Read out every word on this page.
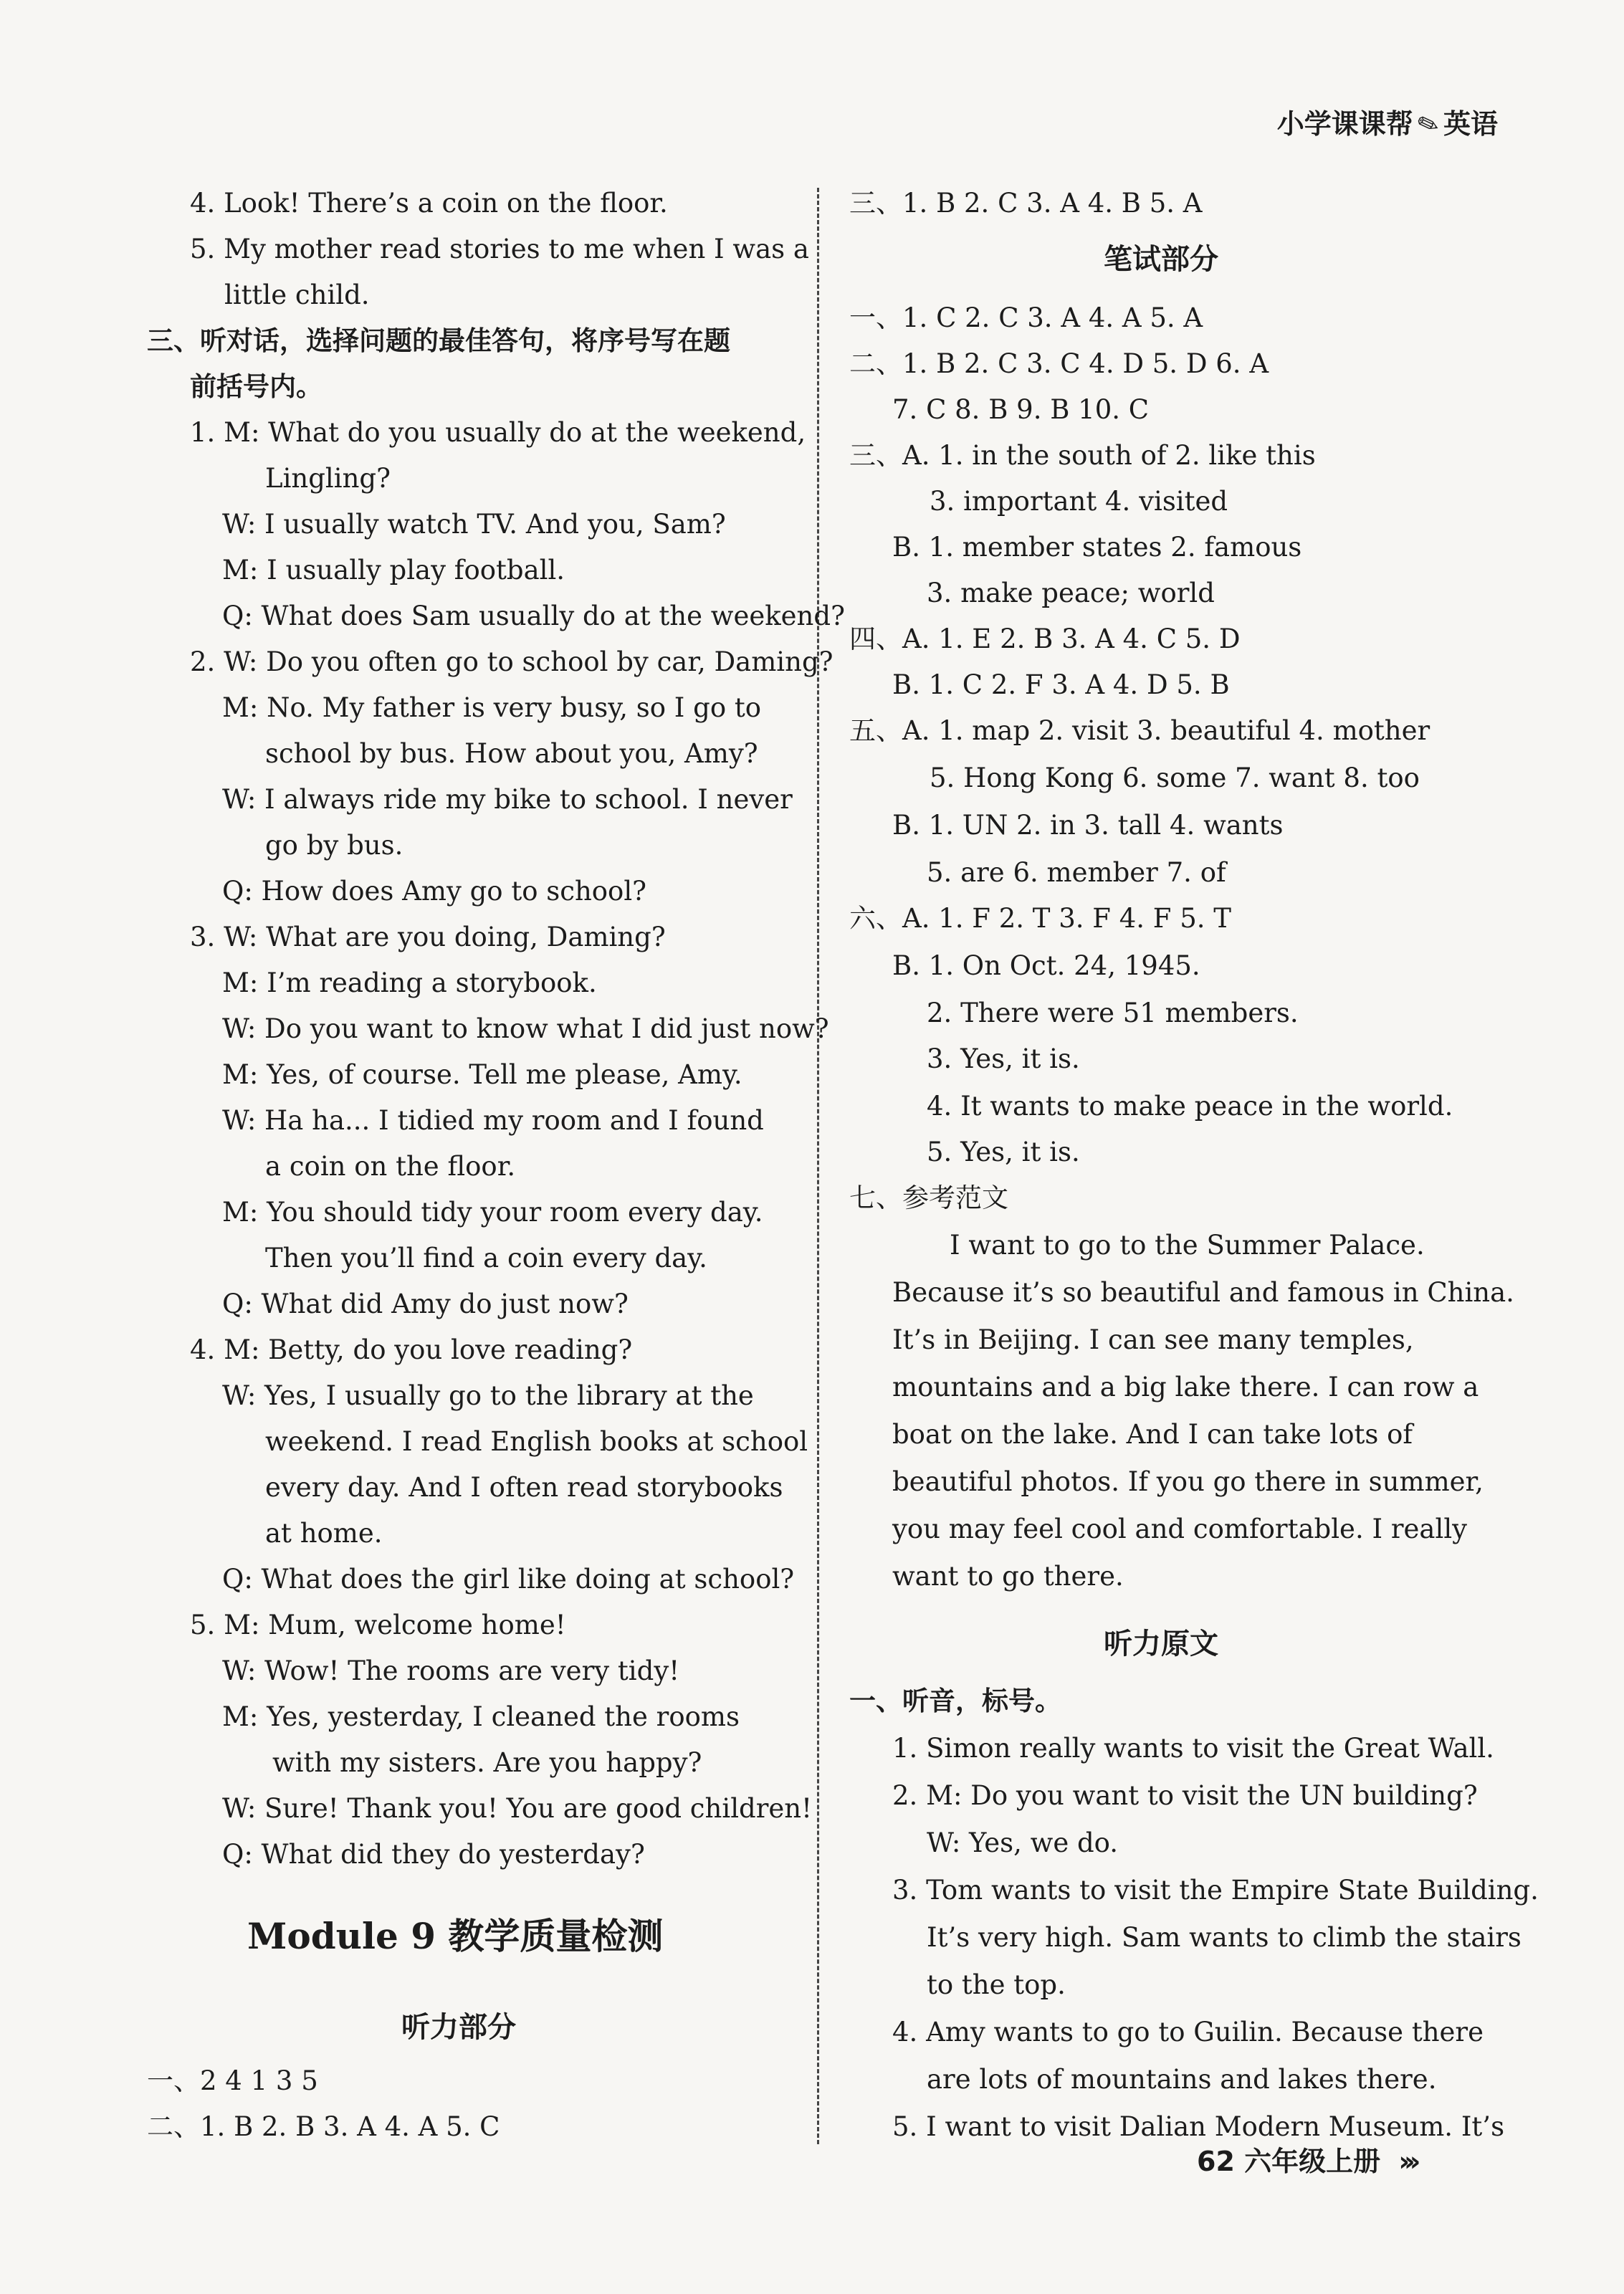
小学课课帮✎英语
4. Look! There’s a coin on the floor.
5. My mother read stories to me when I was a
little child.
三、听对话，选择问题的最佳答句，将序号写在题
前括号内。
1. M: What do you usually do at the weekend,
Lingling?
W: I usually watch TV. And you, Sam?
M: I usually play football.
Q: What does Sam usually do at the weekend?
2. W: Do you often go to school by car, Daming?
M: No. My father is very busy, so I go to
school by bus. How about you, Amy?
W: I always ride my bike to school. I never
go by bus.
Q: How does Amy go to school?
3. W: What are you doing, Daming?
M: I’m reading a storybook.
W: Do you want to know what I did just now?
M: Yes, of course. Tell me please, Amy.
W: Ha ha... I tidied my room and I found
a coin on the floor.
M: You should tidy your room every day.
Then you’ll find a coin every day.
Q: What did Amy do just now?
4. M: Betty, do you love reading?
W: Yes, I usually go to the library at the
weekend. I read English books at school
every day. And I often read storybooks
at home.
Q: What does the girl like doing at school?
5. M: Mum, welcome home!
W: Wow! The rooms are very tidy!
M: Yes, yesterday, I cleaned the rooms
with my sisters. Are you happy?
W: Sure! Thank you! You are good children!
Q: What did they do yesterday?
Module 9 教学质量检测
听力部分
一、2 4 1 3 5
二、1. B 2. B 3. A 4. A 5. C
三、1. B 2. C 3. A 4. B 5. A
笔试部分
一、1. C 2. C 3. A 4. A 5. A
二、1. B 2. C 3. C 4. D 5. D 6. A
7. C 8. B 9. B 10. C
三、A. 1. in the south of 2. like this
3. important 4. visited
B. 1. member states 2. famous
3. make peace; world
四、A. 1. E 2. B 3. A 4. C 5. D
B. 1. C 2. F 3. A 4. D 5. B
五、A. 1. map 2. visit 3. beautiful 4. mother
5. Hong Kong 6. some 7. want 8. too
B. 1. UN 2. in 3. tall 4. wants
5. are 6. member 7. of
六、A. 1. F 2. T 3. F 4. F 5. T
B. 1. On Oct. 24, 1945.
2. There were 51 members.
3. Yes, it is.
4. It wants to make peace in the world.
5. Yes, it is.
七、参考范文
I want to go to the Summer Palace.
Because it’s so beautiful and famous in China.
It’s in Beijing. I can see many temples,
mountains and a big lake there. I can row a
boat on the lake. And I can take lots of
beautiful photos. If you go there in summer,
you may feel cool and comfortable. I really
want to go there.
听力原文
一、听音，标号。
1. Simon really wants to visit the Great Wall.
2. M: Do you want to visit the UN building?
W: Yes, we do.
3. Tom wants to visit the Empire State Building.
It’s very high. Sam wants to climb the stairs
to the top.
4. Amy wants to go to Guilin. Because there
are lots of mountains and lakes there.
5. I want to visit Dalian Modern Museum. It’s
62 六年级上册 ›››
